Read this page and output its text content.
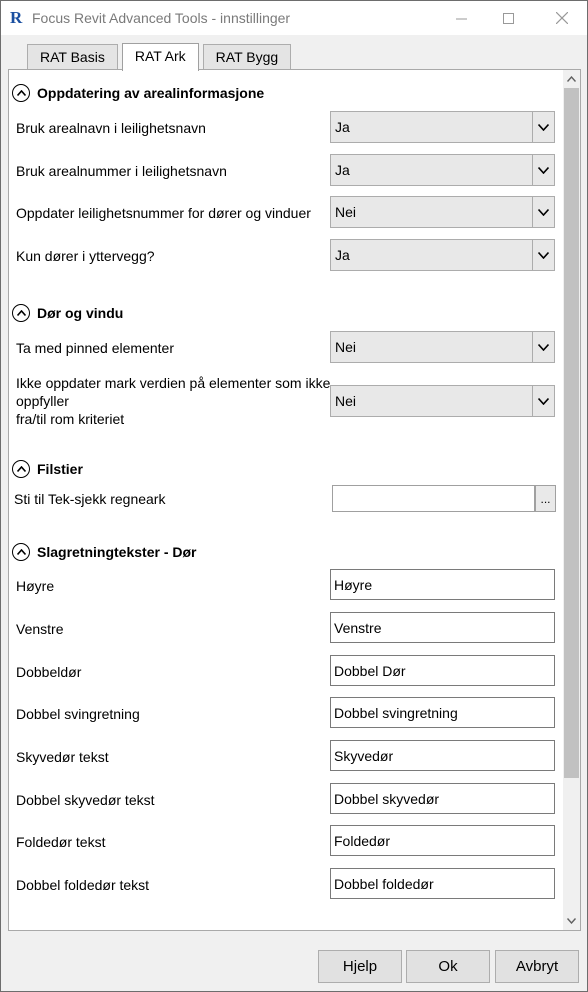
R Focus Revit Advanced Tools - innstillinger
RAT Basis	RAT Ark	RAT Bygg
Oppdatering av arealinformasjone
Bruk arealnavn i leilighetsnavn	Ja
Bruk arealnummer i leilighetsnavn	Ja
Oppdater leilighetsnummer for dører og vinduer Nei
Kun dører i yttervegg?	Ja
Dør og vindu
Ta med pinned elementer	Nei
Ikke oppdater mark verdien på elementer som ikke
oppfyller
fra/til rom kriteriet
Nei
Filstier
Sti til Tek-sjekk regneark	...
Slagretningtekster - Dør
Høyre	Høyre
Venstre	Venstre
Dobbeldør	Dobbel Dør
Dobbel svingretning	Dobbel svingretning
Skyvedør tekst	Skyvedør
Dobbel skyvedør tekst	Dobbel skyvedør
Foldedør tekst	Foldedør
Dobbel foldedør tekst	Dobbel foldedør
Hjelp	Ok	Avbryt
